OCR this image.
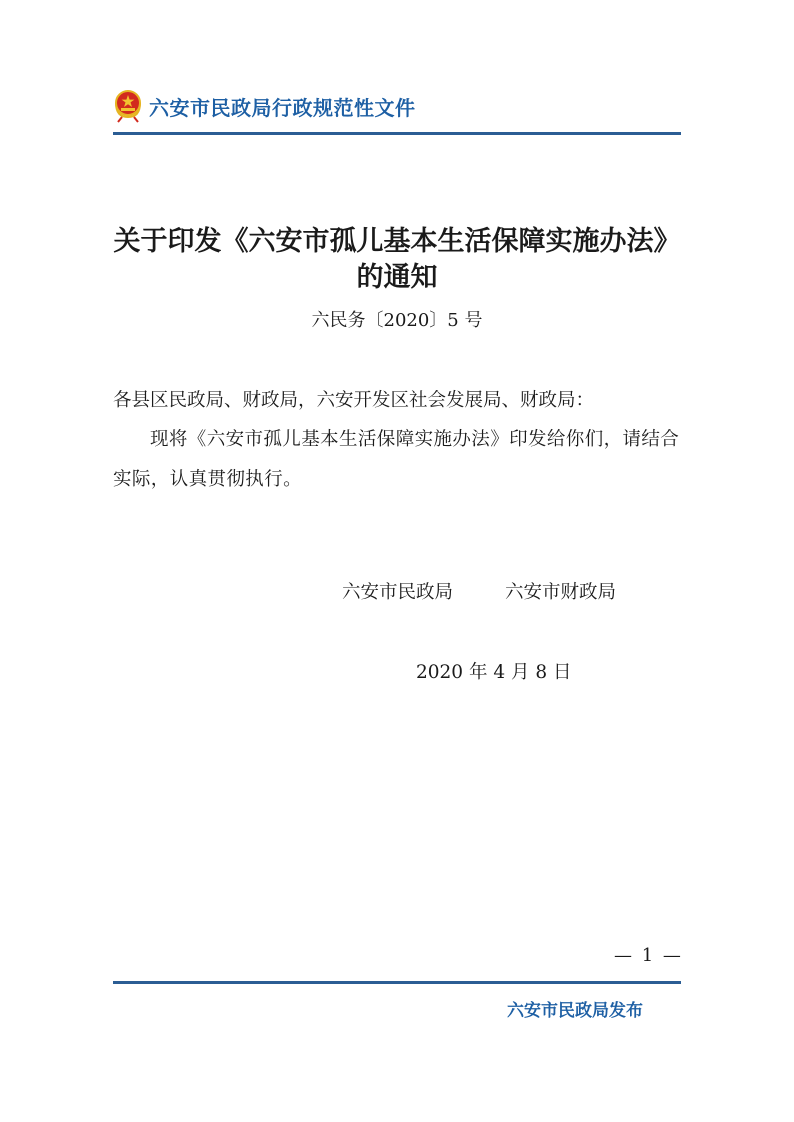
六安市民政局行政规范性文件
关于印发《六安市孤儿基本生活保障实施办法》
的通知
六民务〔2020〕5 号
各县区民政局、财政局，六安开发区社会发展局、财政局：
现将《六安市孤儿基本生活保障实施办法》印发给你们，请结合实际，认真贯彻执行。
六安市民政局	六安市财政局
2020 年 4 月 8 日
— 1 —
六安市民政局发布
